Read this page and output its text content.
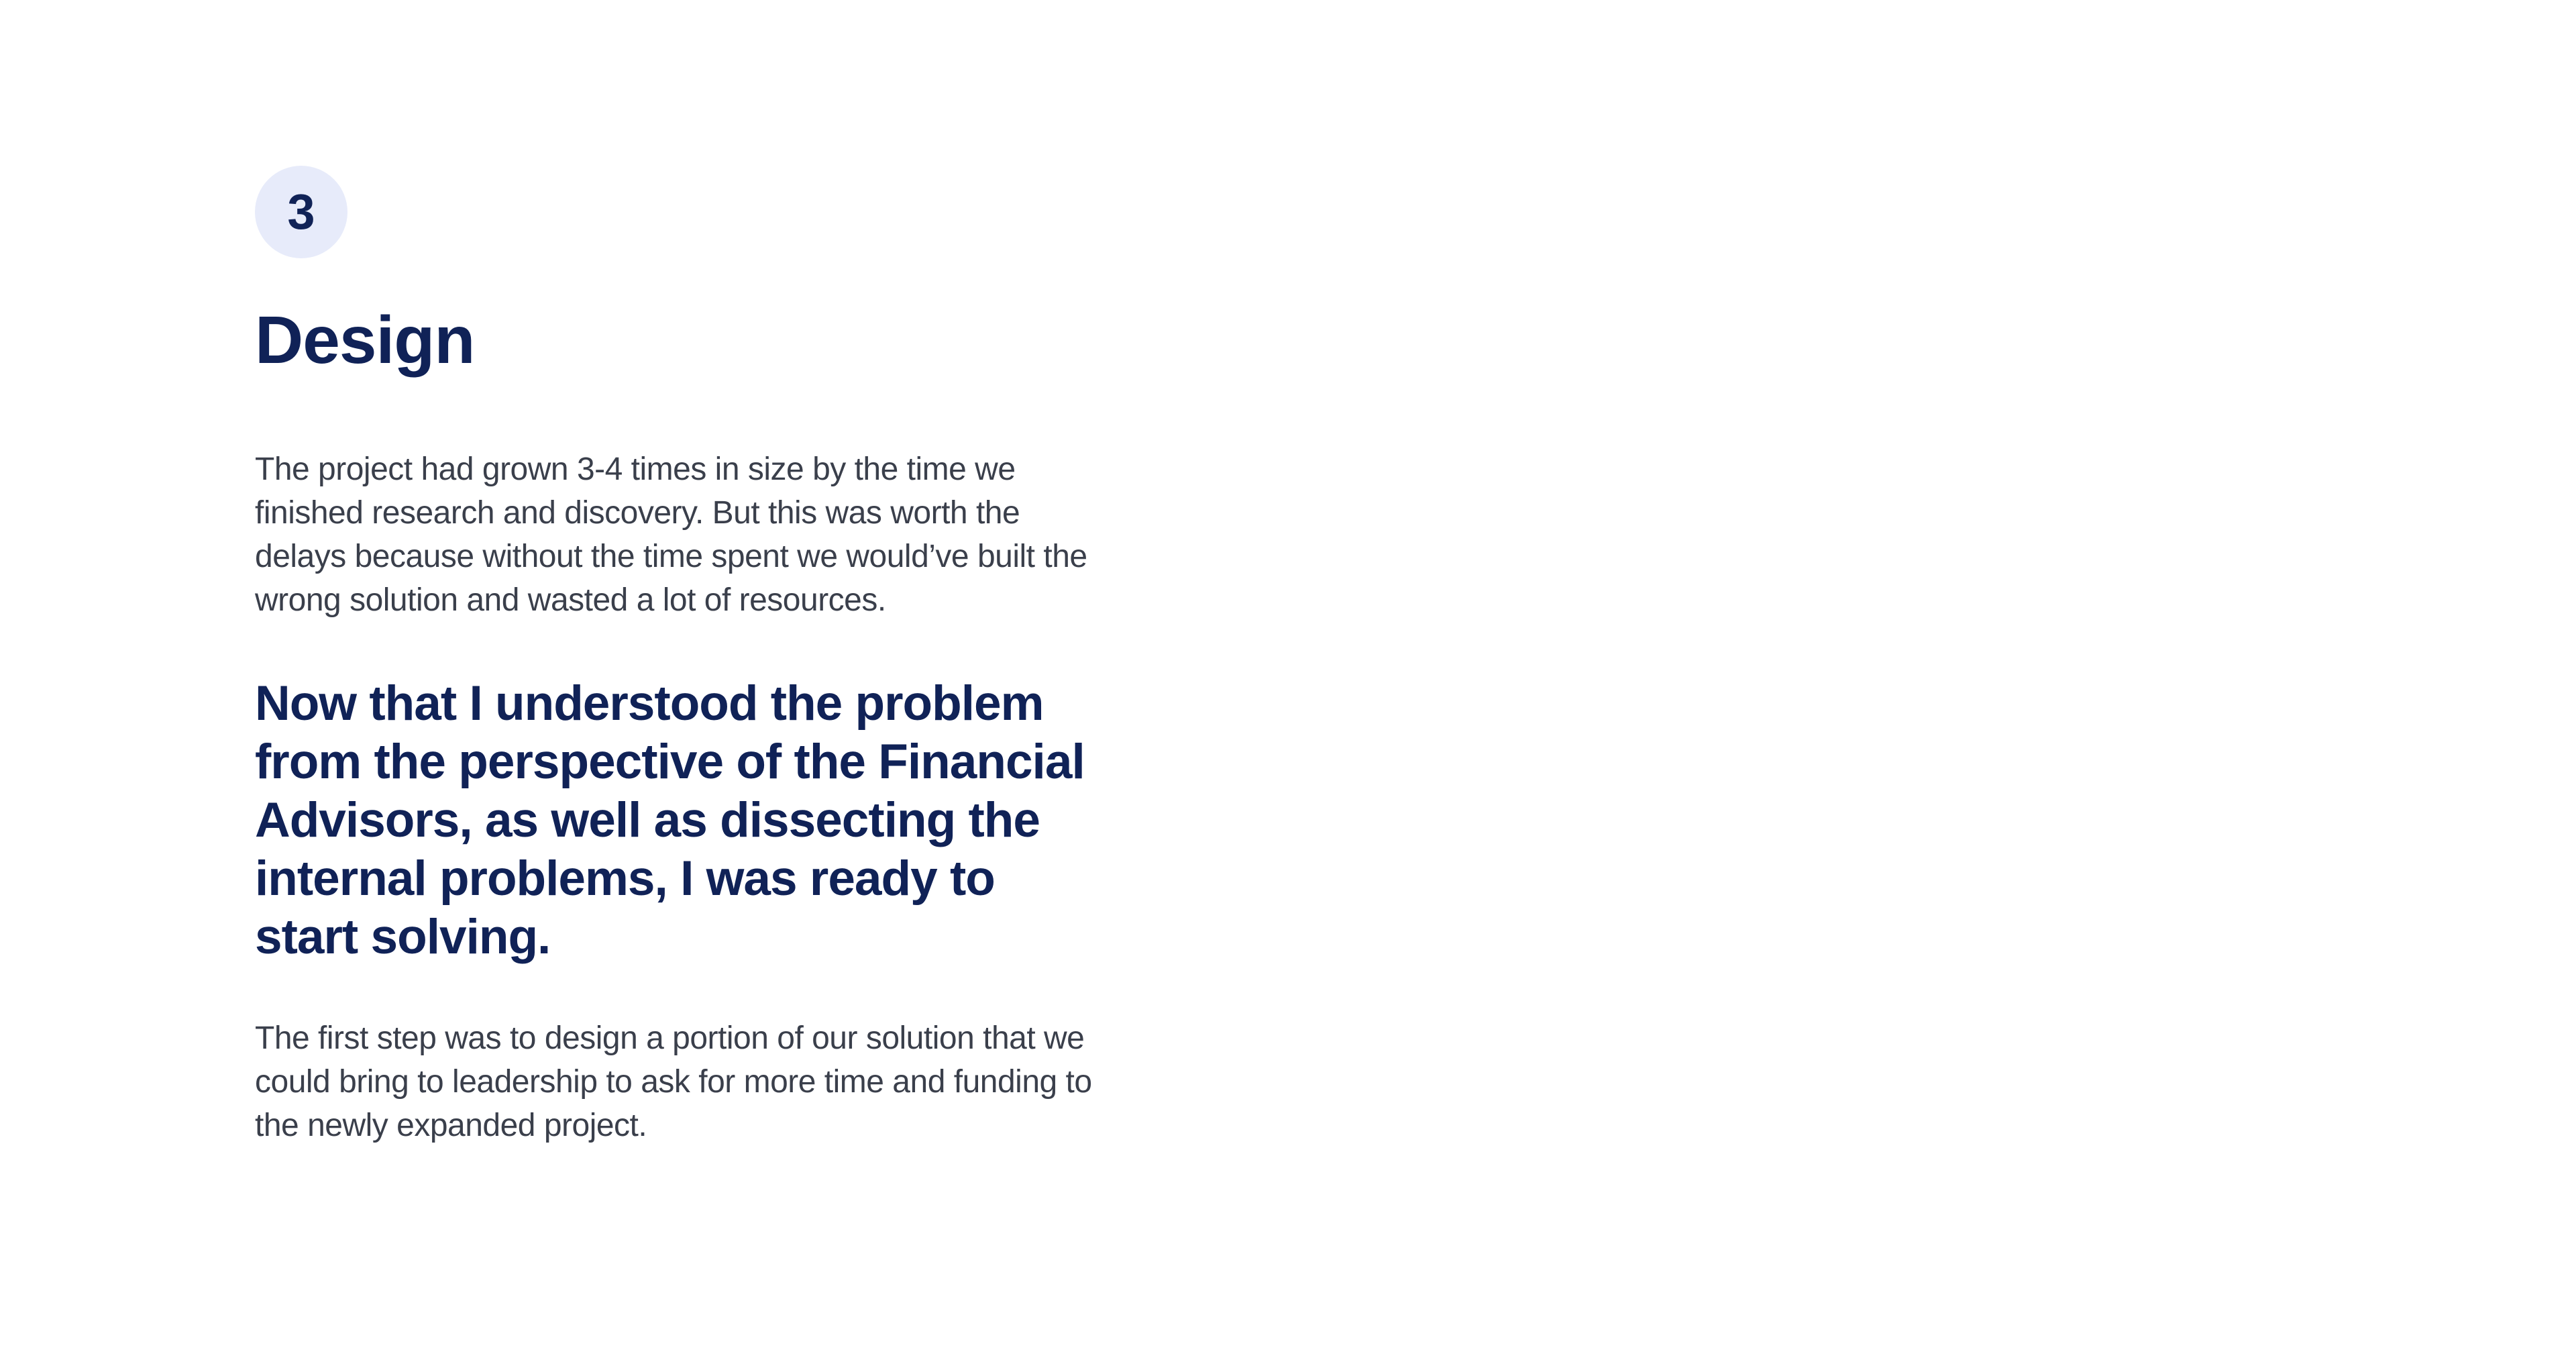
3
Design

The project had grown 3-4 times in size by the time we finished research and discovery. But this was worth the delays because without the time spent we would’ve built the wrong solution and wasted a lot of resources.

Now that I understood the problem from the perspective of the Financial Advisors, as well as dissecting the internal problems, I was ready to start solving.

The first step was to design a portion of our solution that we could bring to leadership to ask for more time and funding to the newly expanded project.
